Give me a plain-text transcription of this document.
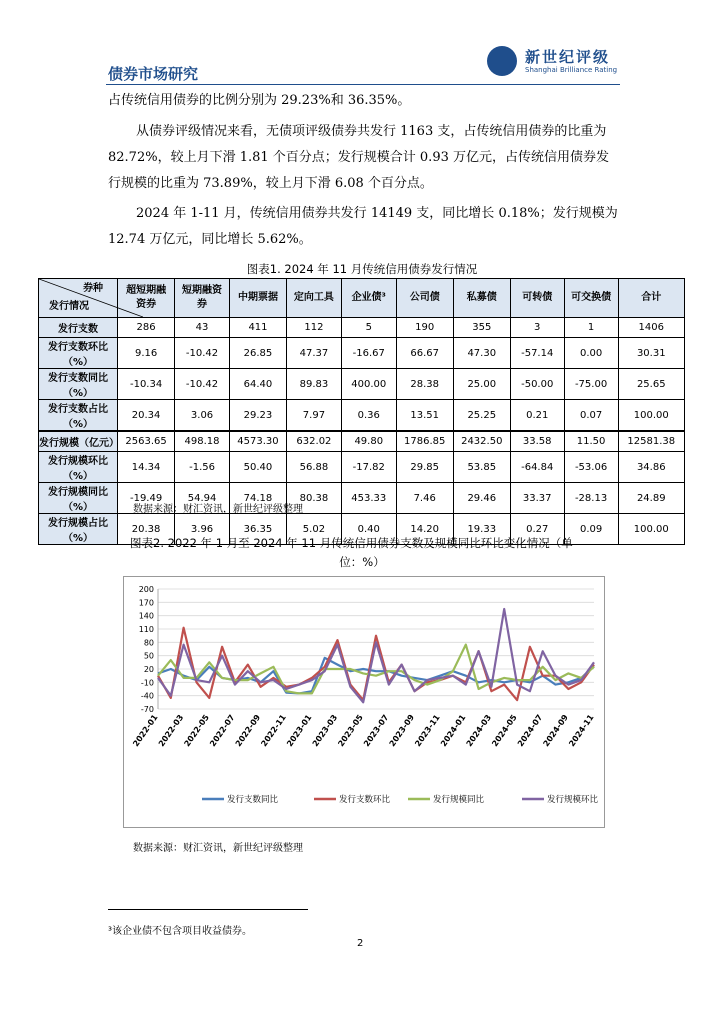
债券市场研究
新世纪评级
Shanghai Brilliance Rating

占传统信用债券的比例分别为 29.23%和 36.35%。

从债券评级情况来看，无债项评级债券共发行 1163 支，占传统信用债券的比重为 82.72%，较上月下滑 1.81 个百分点；发行规模合计 0.93 万亿元，占传统信用债券发行规模的比重为 73.89%，较上月下滑 6.08 个百分点。

2024 年 1-11 月，传统信用债券共发行 14149 支，同比增长 0.18%；发行规模为 12.74 万亿元，同比增长 5.62%。

图表1. 2024 年 11 月传统信用债券发行情况
券种
发行情况	超短期融资券	短期融资券	中期票据	定向工具	企业债³	公司债	私募债	可转债	可交换债	合计
发行支数	286	43	411	112	5	190	355	3	1	1406
发行支数环比（%）	9.16	-10.42	26.85	47.37	-16.67	66.67	47.30	-57.14	0.00	30.31
发行支数同比（%）	-10.34	-10.42	64.40	89.83	400.00	28.38	25.00	-50.00	-75.00	25.65
发行支数占比（%）	20.34	3.06	29.23	7.97	0.36	13.51	25.25	0.21	0.07	100.00
发行规模（亿元）	2563.65	498.18	4573.30	632.02	49.80	1786.85	2432.50	33.58	11.50	12581.38
发行规模环比（%）	14.34	-1.56	50.40	56.88	-17.82	29.85	53.85	-64.84	-53.06	34.86
发行规模同比（%）	-19.49	54.94	74.18	80.38	453.33	7.46	29.46	33.37	-28.13	24.89
发行规模占比（%）	20.38	3.96	36.35	5.02	0.40	14.20	19.33	0.27	0.09	100.00
数据来源：财汇资讯，新世纪评级整理
图表2. 2022 年 1 月至 2024 年 11 月传统信用债券支数及规模同比环比变化情况（单
位：%）
-70
-40
-10
20
50
80
110
140
170
200
2022-01
2022-03
2022-05
2022-07
2022-09
2022-11
2023-01
2023-03
2023-05
2023-07
2023-09
2023-11
2024-01
2024-03
2024-05
2024-07
2024-09
2024-11
发行支数同比	发行支数环比	发行规模同比	发行规模环比
数据来源：财汇资讯，新世纪评级整理
³该企业债不包含项目收益债券。
2
